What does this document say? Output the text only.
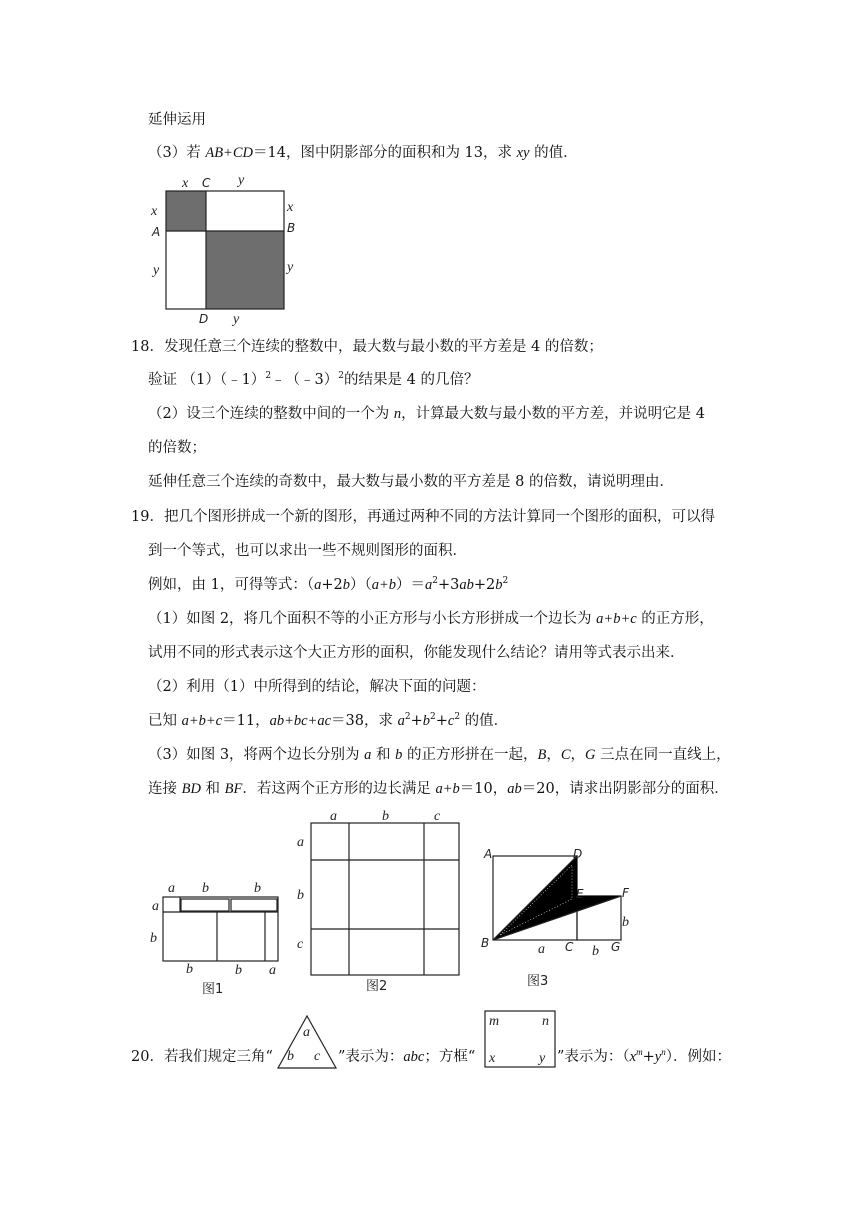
延伸运用
（3）若 AB+CD＝14，图中阴影部分的面积和为 13，求 xy 的值．
x C y
x
A
x
B
y	y
D y
18．发现任意三个连续的整数中，最大数与最小数的平方差是 4 的倍数；
验证 （1）（﹣1）$^2$﹣（﹣3）$^2$的结果是 4 的几倍？
（2）设三个连续的整数中间的一个为 n，计算最大数与最小数的平方差，并说明它是 4
的倍数；
延伸任意三个连续的奇数中，最大数与最小数的平方差是 8 的倍数，请说明理由．
19．把几个图形拼成一个新的图形，再通过两种不同的方法计算同一个图形的面积，可以得
到一个等式，也可以求出一些不规则图形的面积．
例如，由 1，可得等式：$(a+2b)(a+b)=a^2+3ab+2b^2$
（1）如图 2，将几个面积不等的小正方形与小长方形拼成一个边长为 a+b+c 的正方形，
试用不同的形式表示这个大正方形的面积，你能发现什么结论？请用等式表示出来．
（2）利用（1）中所得到的结论，解决下面的问题：
已知 a+b+c＝11，ab+bc+ac＝38，求 $a^2+b^2+c^2$ 的值．
（3）如图 3，将两个边长分别为 a 和 b 的正方形拼在一起，B，C，G 三点在同一直线上，
连接 BD 和 BF．若这两个正方形的边长满足 a+b＝10，ab＝20，请求出阴影部分的面积．
a b	b
a
b
b	b a
图1
a	b	c
a
b
c
图2
A	D
E	F
b
B	a C b G
图3
20．若我们规定三角“
a
b c ”表示为：abc；方框“
m	n
x	y ”表示为：$(x^m+y^n)$．例如：
